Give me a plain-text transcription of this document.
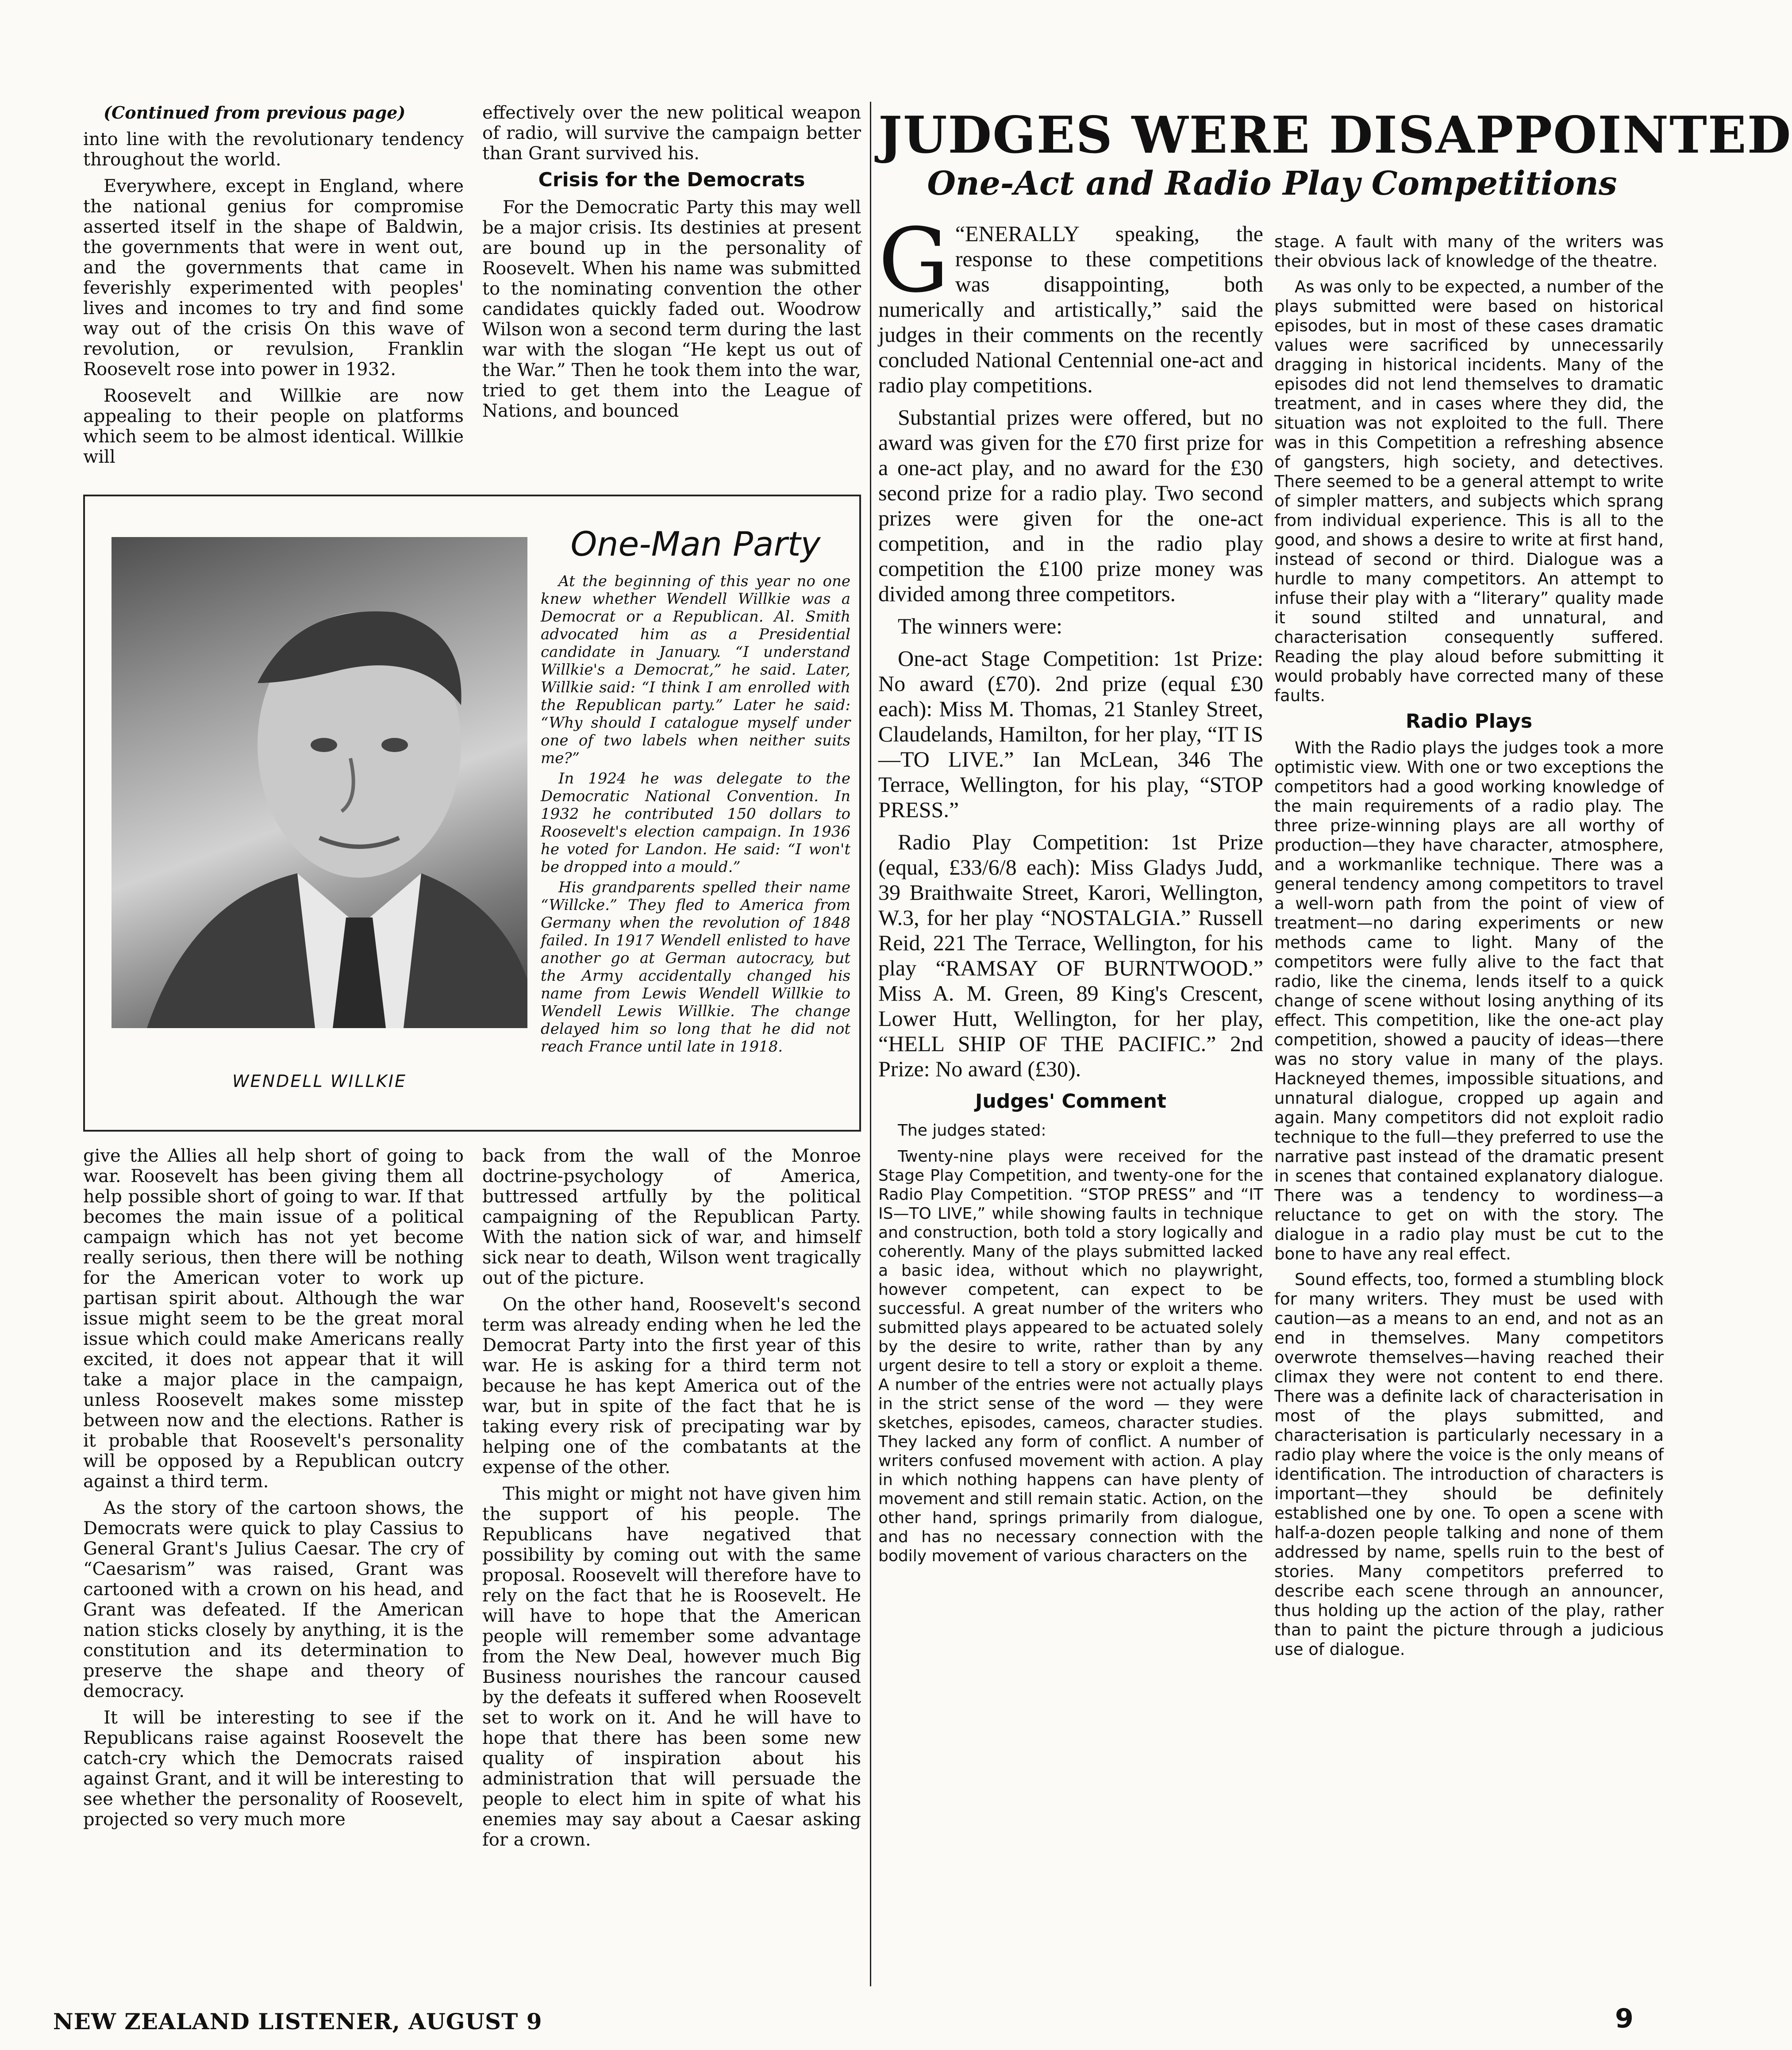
(Continued from previous page)

into line with the revolutionary tendency throughout the world.

Everywhere, except in England, where the national genius for compromise asserted itself in the shape of Baldwin, the governments that were in went out, and the governments that came in feverishly experimented with peoples' lives and incomes to try and find some way out of the crisis On this wave of revolution, or revulsion, Franklin Roosevelt rose into power in 1932.

Roosevelt and Willkie are now appealing to their people on platforms which seem to be almost identical. Willkie will

effectively over the new political weapon of radio, will survive the campaign better than Grant survived his.

Crisis for the Democrats

For the Democratic Party this may well be a major crisis. Its destinies at present are bound up in the personality of Roosevelt. When his name was submitted to the nominating convention the other candidates quickly faded out. Woodrow Wilson won a second term during the last war with the slogan “He kept us out of the War.” Then he took them into the war, tried to get them into the League of Nations, and bounced

WENDELL WILLKIE
One-Man Party

At the beginning of this year no one knew whether Wendell Willkie was a Democrat or a Republican. Al. Smith advocated him as a Presidential candidate in January. “I understand Willkie's a Democrat,” he said. Later, Willkie said: “I think I am enrolled with the Republican party.” Later he said: “Why should I catalogue myself under one of two labels when neither suits me?”

In 1924 he was delegate to the Democratic National Convention. In 1932 he contributed 150 dollars to Roosevelt's election campaign. In 1936 he voted for Landon. He said: “I won't be dropped into a mould.”

His grandparents spelled their name “Willcke.” They fled to America from Germany when the revolution of 1848 failed. In 1917 Wendell enlisted to have another go at German autocracy, but the Army accidentally changed his name from Lewis Wendell Willkie to Wendell Lewis Willkie. The change delayed him so long that he did not reach France until late in 1918.

give the Allies all help short of going to war. Roosevelt has been giving them all help possible short of going to war. If that becomes the main issue of a political campaign which has not yet become really serious, then there will be nothing for the American voter to work up partisan spirit about. Although the war issue might seem to be the great moral issue which could make Americans really excited, it does not appear that it will take a major place in the campaign, unless Roosevelt makes some misstep between now and the elections. Rather is it probable that Roosevelt's personality will be opposed by a Republican outcry against a third term.

As the story of the cartoon shows, the Democrats were quick to play Cassius to General Grant's Julius Caesar. The cry of “Caesarism” was raised, Grant was cartooned with a crown on his head, and Grant was defeated. If the American nation sticks closely by anything, it is the constitution and its determination to preserve the shape and theory of democracy.

It will be interesting to see if the Republicans raise against Roosevelt the catch-cry which the Democrats raised against Grant, and it will be interesting to see whether the personality of Roosevelt, projected so very much more

back from the wall of the Monroe doctrine-psychology of America, buttressed artfully by the political campaigning of the Republican Party. With the nation sick of war, and himself sick near to death, Wilson went tragically out of the picture.

On the other hand, Roosevelt's second term was already ending when he led the Democrat Party into the first year of this war. He is asking for a third term not because he has kept America out of the war, but in spite of the fact that he is taking every risk of precipating war by helping one of the combatants at the expense of the other.

This might or might not have given him the support of his people. The Republicans have negatived that possibility by coming out with the same proposal. Roosevelt will therefore have to rely on the fact that he is Roosevelt. He will have to hope that the American people will remember some advantage from the New Deal, however much Big Business nourishes the rancour caused by the defeats it suffered when Roosevelt set to work on it. And he will have to hope that there has been some new quality of inspiration about his administration that will persuade the people to elect him in spite of what his enemies may say about a Caesar asking for a crown.

JUDGES WERE DISAPPOINTED
One-Act and Radio Play Competitions

“
G ENERALLY speaking, the response to these competitions was disappointing, both numerically and artistically,” said the judges in their comments on the recently concluded National Centennial one-act and radio play competitions.

Substantial prizes were offered, but no award was given for the £70 first prize for a one-act play, and no award for the £30 second prize for a radio play. Two second prizes were given for the one-act competition, and in the radio play competition the £100 prize money was divided among three competitors.

The winners were:

One-act Stage Competition: 1st Prize: No award (£70). 2nd prize (equal £30 each): Miss M. Thomas, 21 Stanley Street, Claudelands, Hamilton, for her play, “IT IS—TO LIVE.” Ian McLean, 346 The Terrace, Wellington, for his play, “STOP PRESS.”

Radio Play Competition: 1st Prize (equal, £33/6/8 each): Miss Gladys Judd, 39 Braithwaite Street, Karori, Wellington, W.3, for her play “NOSTALGIA.” Russell Reid, 221 The Terrace, Wellington, for his play “RAMSAY OF BURNTWOOD.” Miss A. M. Green, 89 King's Crescent, Lower Hutt, Wellington, for her play, “HELL SHIP OF THE PACIFIC.” 2nd Prize: No award (£30).

Judges' Comment

The judges stated:

Twenty-nine plays were received for the Stage Play Competition, and twenty-one for the Radio Play Competition. “STOP PRESS” and “IT IS—TO LIVE,” while showing faults in technique and construction, both told a story logically and coherently. Many of the plays submitted lacked a basic idea, without which no playwright, however competent, can expect to be successful. A great number of the writers who submitted plays appeared to be actuated solely by the desire to write, rather than by any urgent desire to tell a story or exploit a theme. A number of the entries were not actually plays in the strict sense of the word — they were sketches, episodes, cameos, character studies. They lacked any form of conflict. A number of writers confused movement with action. A play in which nothing happens can have plenty of movement and still remain static. Action, on the other hand, springs primarily from dialogue, and has no necessary connection with the bodily movement of various characters on the

stage. A fault with many of the writers was their obvious lack of knowledge of the theatre.

As was only to be expected, a number of the plays submitted were based on historical episodes, but in most of these cases dramatic values were sacrificed by unnecessarily dragging in historical incidents. Many of the episodes did not lend themselves to dramatic treatment, and in cases where they did, the situation was not exploited to the full. There was in this Competition a refreshing absence of gangsters, high society, and detectives. There seemed to be a general attempt to write of simpler matters, and subjects which sprang from individual experience. This is all to the good, and shows a desire to write at first hand, instead of second or third. Dialogue was a hurdle to many competitors. An attempt to infuse their play with a “literary” quality made it sound stilted and unnatural, and characterisation consequently suffered. Reading the play aloud before submitting it would probably have corrected many of these faults.

Radio Plays

With the Radio plays the judges took a more optimistic view. With one or two exceptions the competitors had a good working knowledge of the main requirements of a radio play. The three prize-winning plays are all worthy of production—they have character, atmosphere, and a workmanlike technique. There was a general tendency among competitors to travel a well-worn path from the point of view of treatment—no daring experiments or new methods came to light. Many of the competitors were fully alive to the fact that radio, like the cinema, lends itself to a quick change of scene without losing anything of its effect. This competition, like the one-act play competition, showed a paucity of ideas—there was no story value in many of the plays. Hackneyed themes, impossible situations, and unnatural dialogue, cropped up again and again. Many competitors did not exploit radio technique to the full—they preferred to use the narrative past instead of the dramatic present in scenes that contained explanatory dialogue. There was a tendency to wordiness—a reluctance to get on with the story. The dialogue in a radio play must be cut to the bone to have any real effect.

Sound effects, too, formed a stumbling block for many writers. They must be used with caution—as a means to an end, and not as an end in themselves. Many competitors overwrote themselves—having reached their climax they were not content to end there. There was a definite lack of characterisation in most of the plays submitted, and characterisation is particularly necessary in a radio play where the voice is the only means of identification. The introduction of characters is important—they should be definitely established one by one. To open a scene with half-a-dozen people talking and none of them addressed by name, spells ruin to the best of stories. Many competitors preferred to describe each scene through an announcer, thus holding up the action of the play, rather than to paint the picture through a judicious use of dialogue.

NEW ZEALAND LISTENER, AUGUST 9	9
